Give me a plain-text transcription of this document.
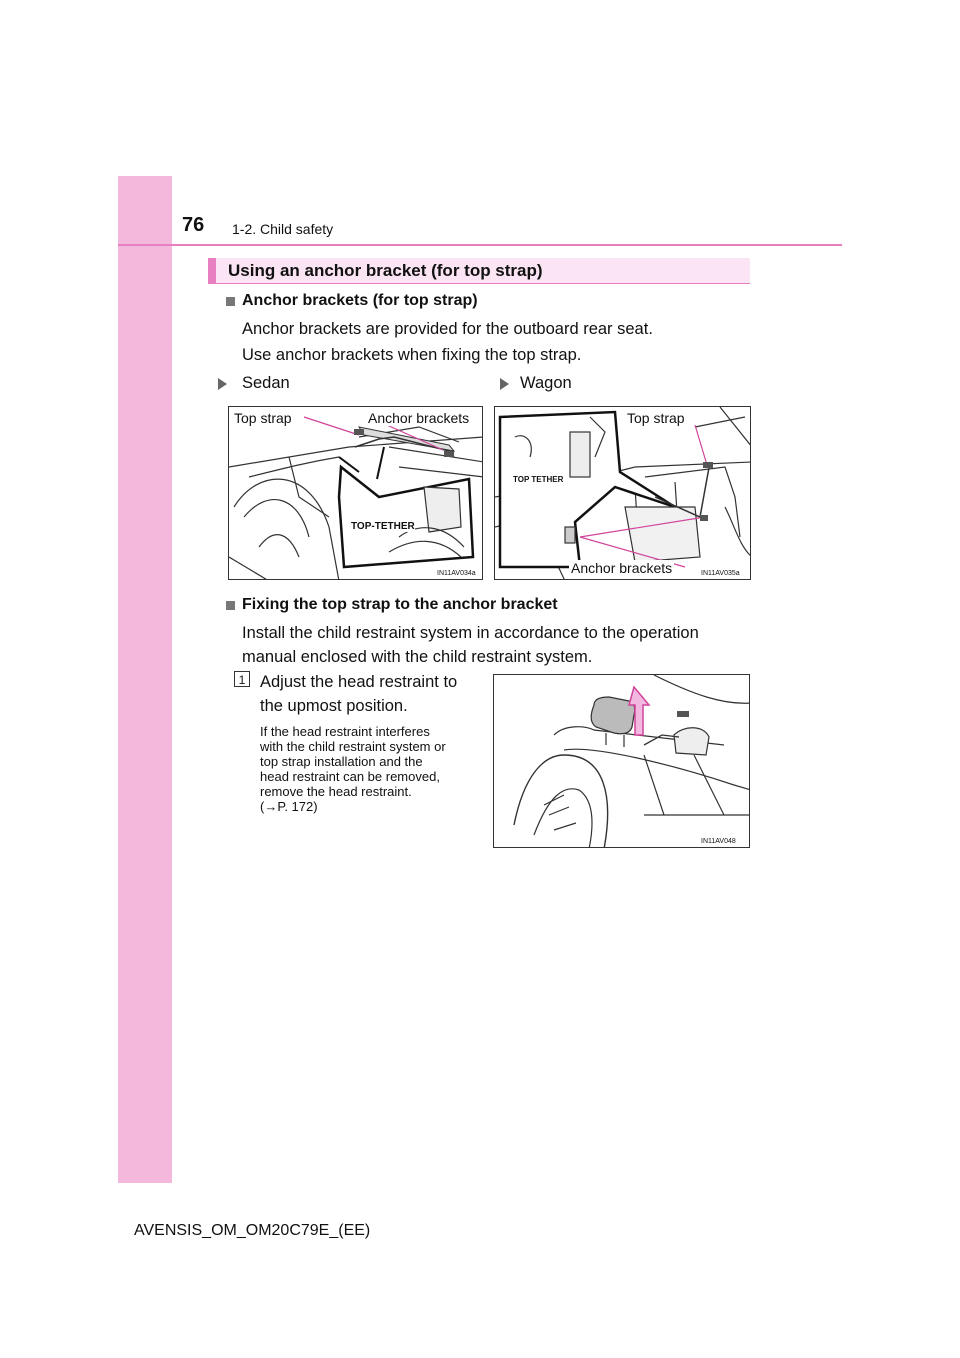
76 1-2. Child safety
Using an anchor bracket (for top strap)
Anchor brackets (for top strap)
Anchor brackets are provided for the outboard rear seat.
Use anchor brackets when fixing the top strap.
Sedan	Wagon
Top strap	Anchor brackets
TOP-TETHER
IN11AV034a
Top strap
Anchor brackets
TOP TETHER
IN11AV035a
Fixing the top strap to the anchor bracket
Install the child restraint system in accordance to the operation
manual enclosed with the child restraint system.
1 Adjust the head restraint to
the upmost position.
If the head restraint interferes
with the child restraint system or
top strap installation and the
head restraint can be removed,
remove the head restraint.
(→P. 172)
IN11AV048
AVENSIS_OM_OM20C79E_(EE)
